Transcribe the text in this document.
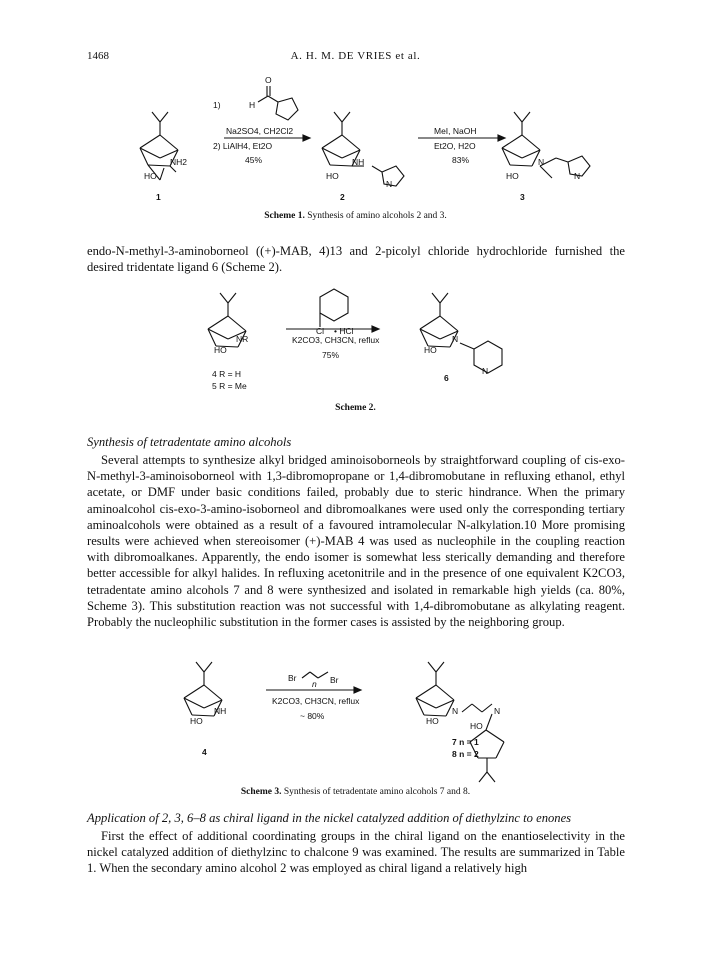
1468	A. H. M. DE VRIES et al.
1)	H
O
Na2SO4, CH2Cl2
2) LiAlH4, Et2O
45%
MeI, NaOH
Et2O, H2O
83%
NH2
HO
NH
HO
N
N
HO	N
1	2	3
Scheme 1. Synthesis of amino alcohols 2 and 3.

endo-N-methyl-3-aminoborneol ((+)-MAB, 4)13 and 2-picolyl chloride hydrochloride furnished the desired tridentate ligand 6 (Scheme 2).

Cl • HCl
K2CO3, CH3CN, reflux
75%
NR
HO
N
HO
N
4 R = H
5 R = Me
6
Scheme 2.
Synthesis of tetradentate amino alcohols

Several attempts to synthesize alkyl bridged aminoisoborneols by straightforward coupling of cis-exo-N-methyl-3-aminoisoborneol with 1,3-dibromopropane or 1,4-dibromobutane in refluxing ethanol, ethyl acetate, or DMF under basic conditions failed, probably due to steric hindrance. When the primary aminoalcohol cis-exo-3-amino-isoborneol and dibromoalkanes were used only the corresponding tertiary aminoalcohols were obtained as a result of a favoured intramolecular N-alkylation.10 More promising results were achieved when stereoisomer (+)-MAB 4 was used as nucleophile in the coupling reaction with dibromoalkanes. Apparently, the endo isomer is somewhat less sterically demanding and therefore better accessible for alkyl halides. In refluxing acetonitrile and in the presence of one equivalent K2CO3, tetradentate amino alcohols 7 and 8 were synthesized and isolated in remarkable high yields (ca. 80%, Scheme 3). This substitution reaction was not successful with 1,4-dibromobutane as alkylating reagent. Probably the nucleophilic substitution in the former cases is assisted by the neighboring group.

Br
n Br
K2CO3, CH3CN, reflux
~ 80%
NH
HO
N	N
HO	HO
4
7 n = 1
8 n = 2
Scheme 3. Synthesis of tetradentate amino alcohols 7 and 8.
Application of 2, 3, 6–8 as chiral ligand in the nickel catalyzed addition of diethylzinc to enones

First the effect of additional coordinating groups in the chiral ligand on the enantioselectivity in the nickel catalyzed addition of diethylzinc to chalcone 9 was examined. The results are summarized in Table 1. When the secondary amino alcohol 2 was employed as chiral ligand a relatively high
